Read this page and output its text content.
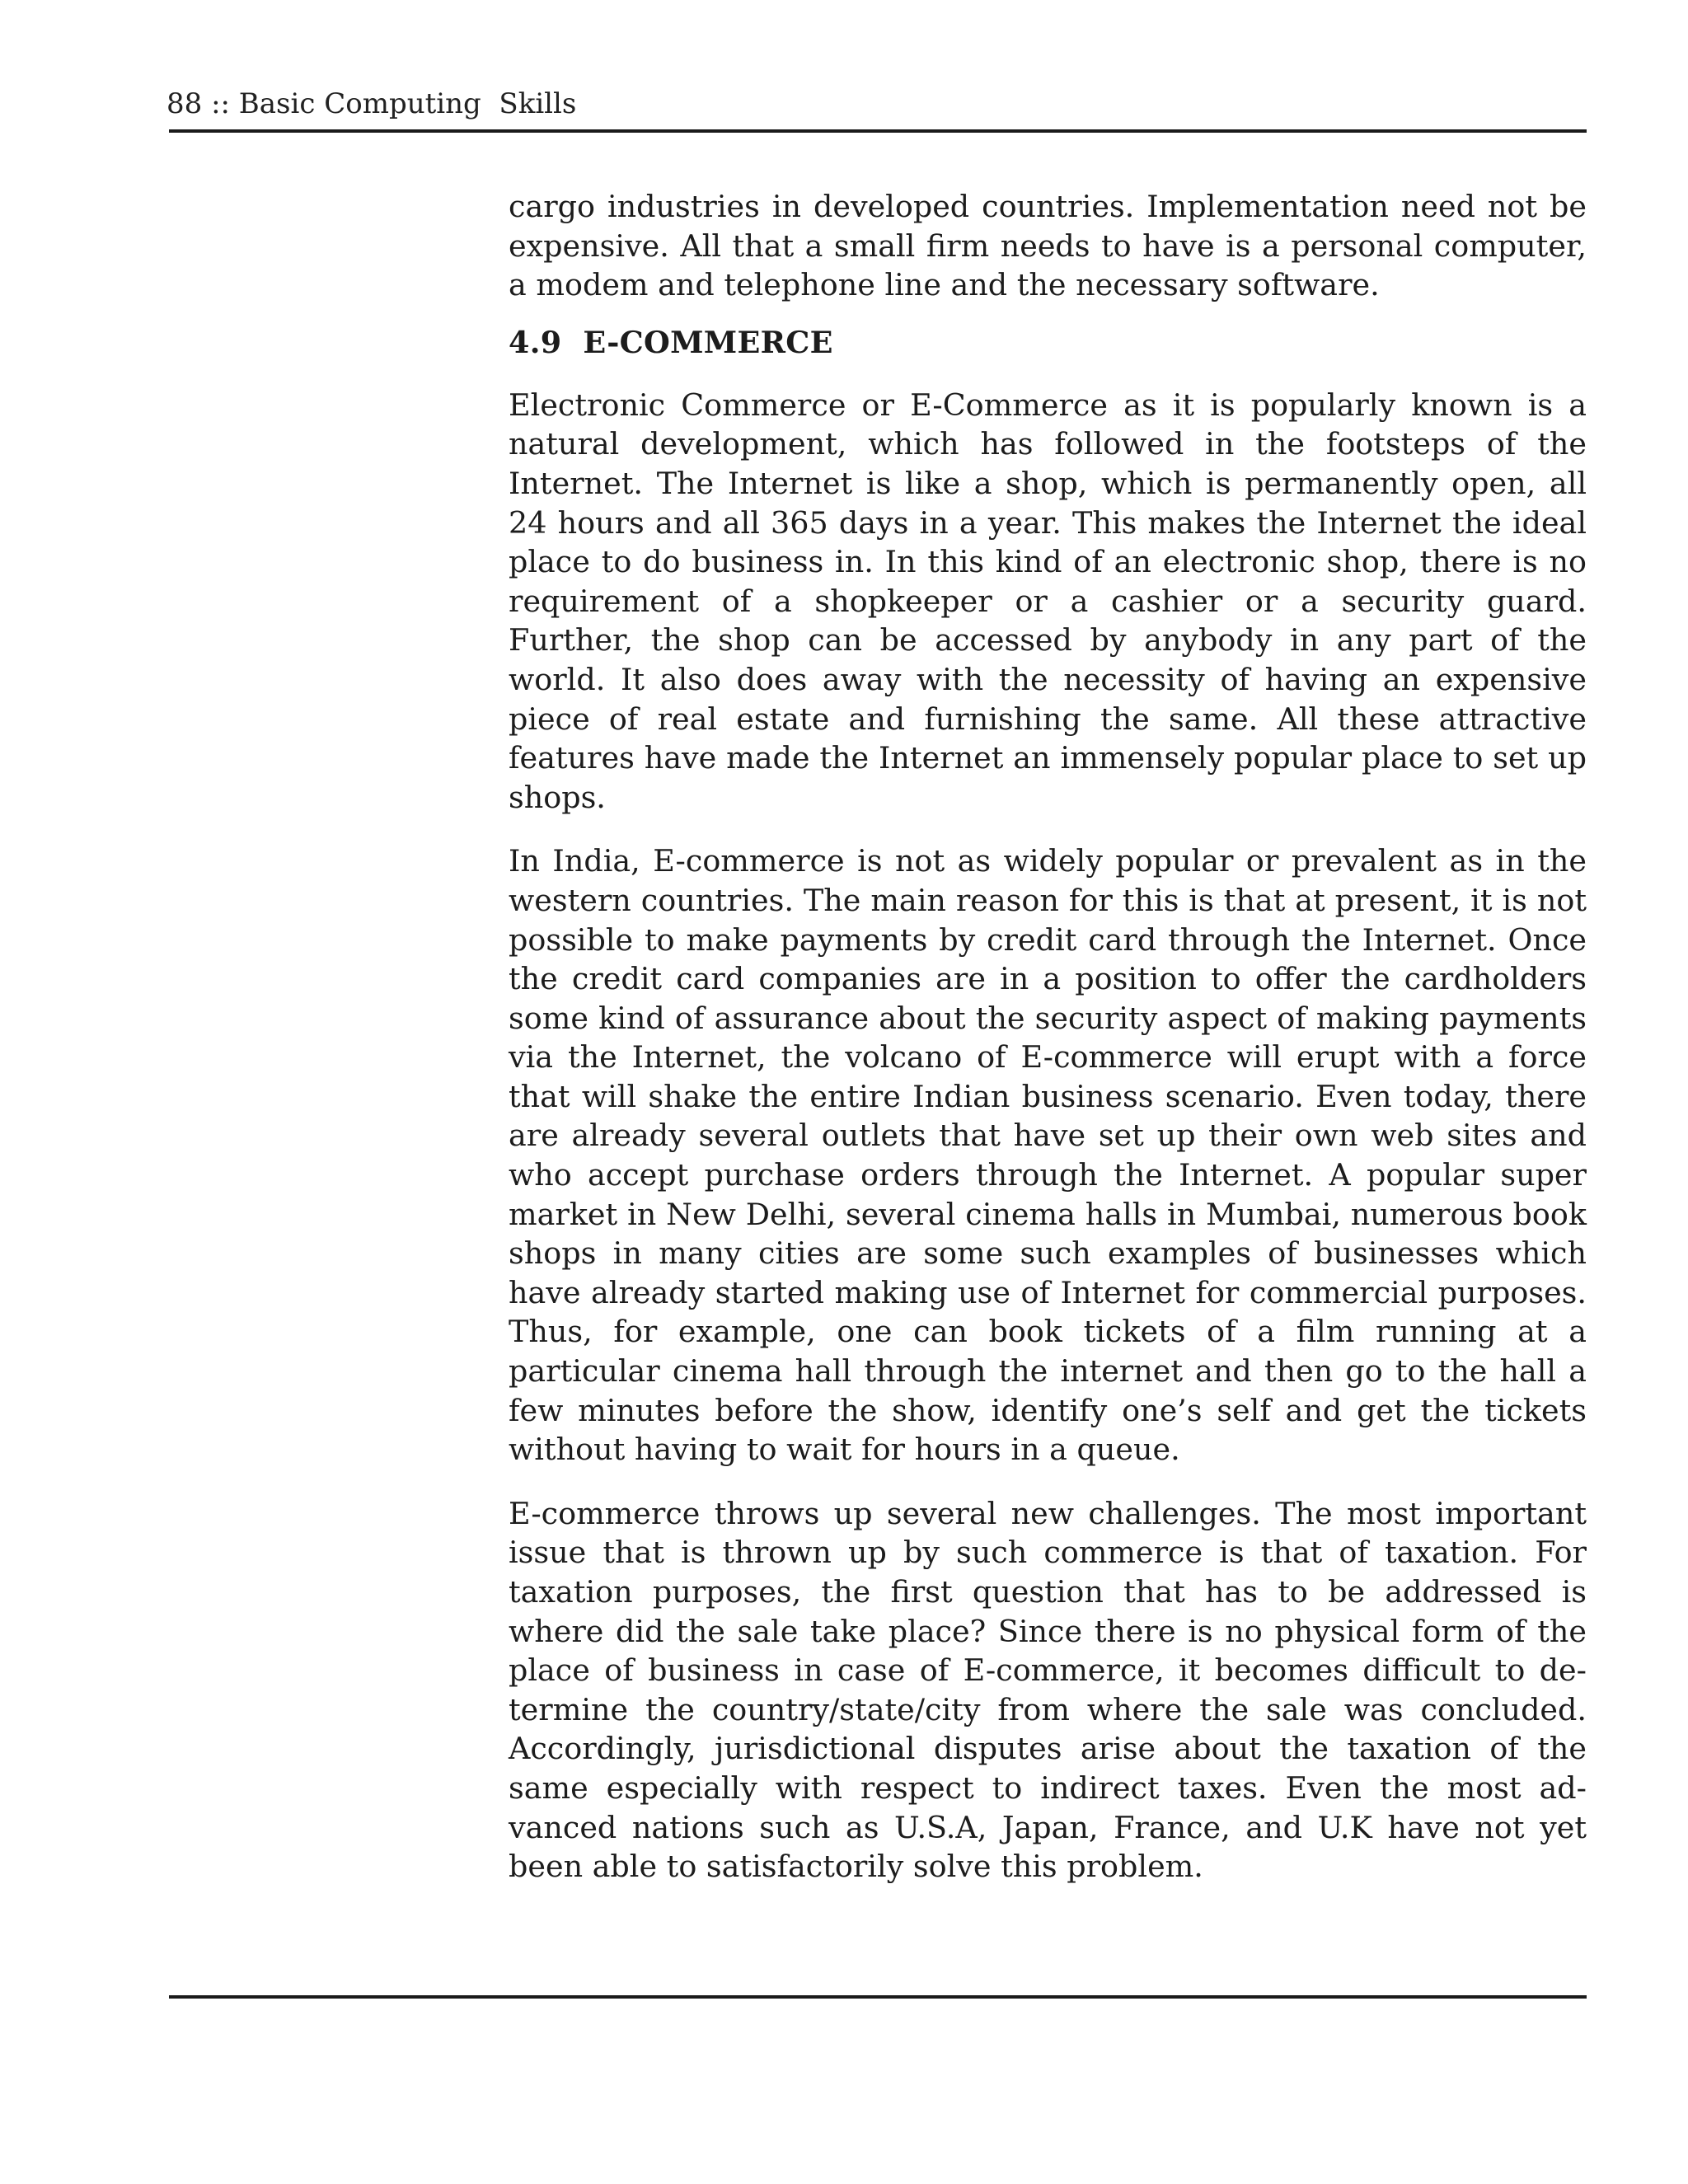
88 :: Basic Computing  Skills

cargo industries in developed countries. Implementation need not be expensive. All that a small firm needs to have is a personal computer, a modem and telephone line and the necessary software.

4.9  E-COMMERCE

Electronic Commerce or E-Commerce as it is popularly known is a natural development, which has followed in the footsteps of the Internet. The Internet is like a shop, which is permanently open, all 24 hours and all 365 days in a year. This makes the Internet the ideal place to do business in. In this kind of an electronic shop, there is no requirement of a shopkeeper or a cashier or a security guard. Further, the shop can be accessed by anybody in any part of the world. It also does away with the necessity of having an expensive piece of real estate and furnishing the same. All these attractive features have made the Internet an immensely popular place to set up shops.

In India, E-commerce is not as widely popular or prevalent as in the western countries. The main reason for this is that at present, it is not possible to make payments by credit card through the Internet. Once the credit card companies are in a position to offer the cardholders some kind of assurance about the security aspect of making payments via the Internet, the volcano of E-commerce will erupt with a force that will shake the entire Indian business scenario. Even today, there are already several outlets that have set up their own web sites and who accept purchase orders through the Internet. A popular super market in New Delhi, several cinema halls in Mumbai, numerous book shops in many cities are some such examples of businesses which have already started making use of Internet for commercial purposes. Thus, for example, one can book tickets of a film running at a particular cinema hall through the internet and then go to the hall a few minutes before the show, identify one’s self and get the tickets without having to wait for hours in a queue.

E-commerce throws up several new challenges. The most important issue that is thrown up by such commerce is that of taxation. For taxation purposes, the first question that has to be addressed is where did the sale take place? Since there is no physical form of the place of business in case of E-commerce, it becomes difficult to determine the country/state/city from where the sale was concluded. Accordingly, jurisdictional disputes arise about the taxation of the same especially with respect to indirect taxes. Even the most advanced nations such as U.S.A, Japan, France, and U.K have not yet been able to satisfactorily solve this problem.
